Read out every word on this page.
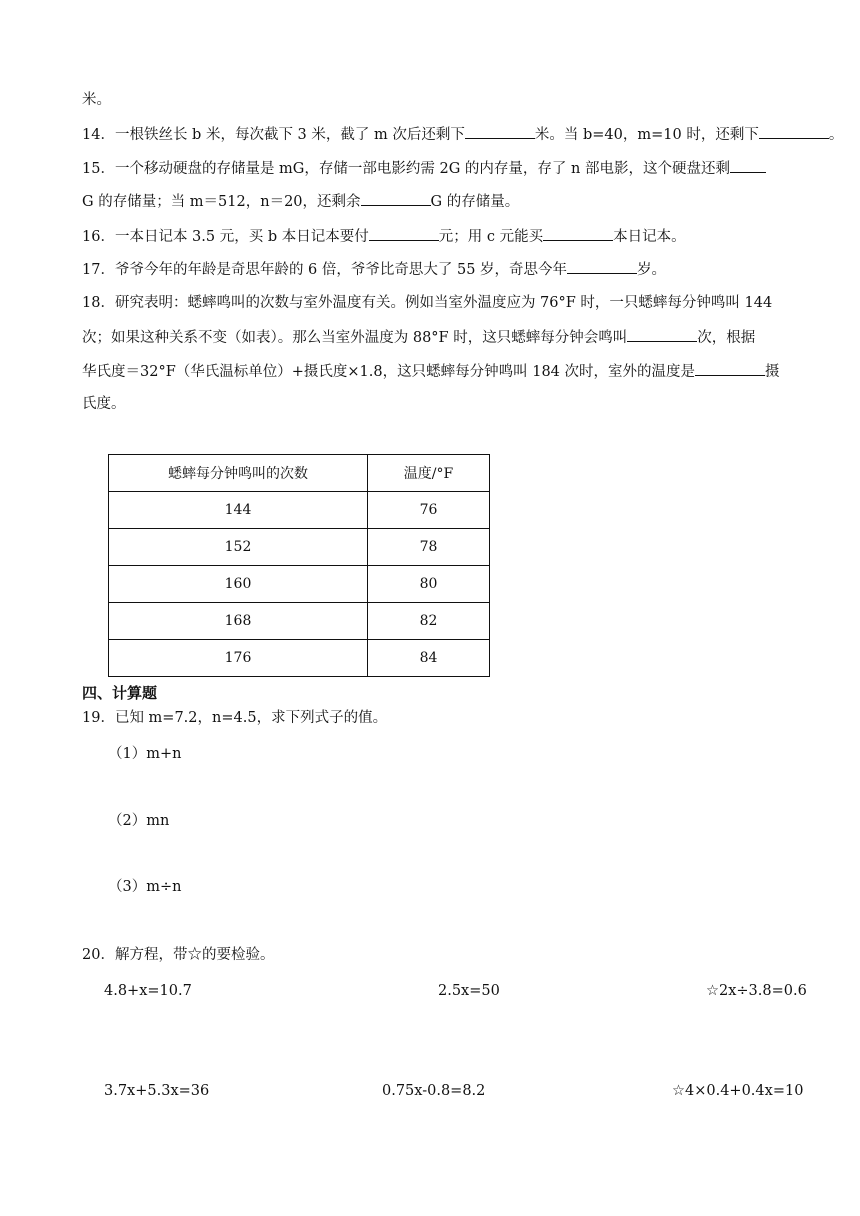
米。
14．一根铁丝长 b 米，每次截下 3 米，截了 m 次后还剩下	米。当 b=40，m=10 时，还剩下	。
15．一个移动硬盘的存储量是 mG，存储一部电影约需 2G 的内存量，存了 n 部电影，这个硬盘还剩
G 的存储量；当 m＝512，n＝20，还剩余	G 的存储量。
16．一本日记本 3.5 元，买 b 本日记本要付	元；用 c 元能买	本日记本。
17．爷爷今年的年龄是奇思年龄的 6 倍，爷爷比奇思大了 55 岁，奇思今年	岁。
18．研究表明：蟋蟀鸣叫的次数与室外温度有关。例如当室外温度应为 76°F 时，一只蟋蟀每分钟鸣叫 144
次；如果这种关系不变（如表）。那么当室外温度为 88°F 时，这只蟋蟀每分钟会鸣叫	次，根据
华氏度＝32°F（华氏温标单位）+摄氏度×1.8，这只蟋蟀每分钟鸣叫 184 次时，室外的温度是	摄
氏度。
蟋蟀每分钟鸣叫的次数	温度/°F
144	76
152	78
160	80
168	82
176	84
四、计算题
19．已知 m=7.2，n=4.5，求下列式子的值。
（1）m+n
（2）mn
（3）m÷n
20．解方程，带☆的要检验。
4.8+x=10.7	2.5x=50	☆2x÷3.8=0.6
3.7x+5.3x=36	0.75x-0.8=8.2	☆4×0.4+0.4x=10
